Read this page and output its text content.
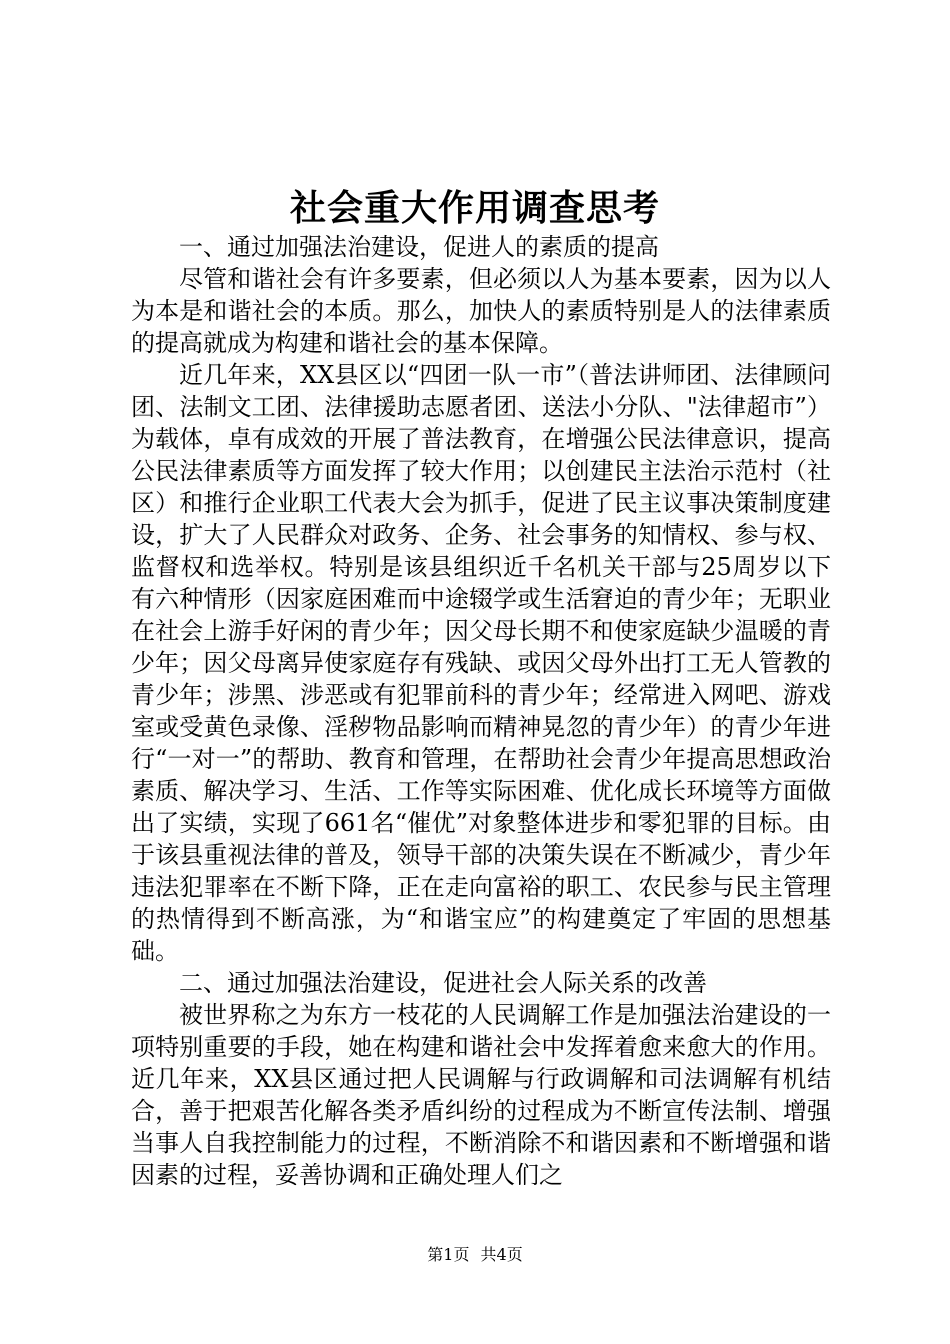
社会重大作用调查思考

一、通过加强法治建设，促进人的素质的提高

尽管和谐社会有许多要素，但必须以人为基本要素，因为以人为本是和谐社会的本质。那么，加快人的素质特别是人的法律素质的提高就成为构建和谐社会的基本保障。

近几年来，XX县区以“四团一队一市”（普法讲师团、法律顾问团、法制文工团、法律援助志愿者团、送法小分队、"法律超市”）为载体，卓有成效的开展了普法教育，在增强公民法律意识，提高公民法律素质等方面发挥了较大作用；以创建民主法治示范村（社区）和推行企业职工代表大会为抓手，促进了民主议事决策制度建设，扩大了人民群众对政务、企务、社会事务的知情权、参与权、监督权和选举权。特别是该县组织近千名机关干部与25周岁以下有六种情形（因家庭困难而中途辍学或生活窘迫的青少年；无职业在社会上游手好闲的青少年；因父母长期不和使家庭缺少温暖的青少年；因父母离异使家庭存有残缺、或因父母外出打工无人管教的青少年；涉黑、涉恶或有犯罪前科的青少年；经常进入网吧、游戏室或受黄色录像、淫秽物品影响而精神晃忽的青少年）的青少年进行“一对一”的帮助、教育和管理，在帮助社会青少年提高思想政治素质、解决学习、生活、工作等实际困难、优化成长环境等方面做出了实绩，实现了661名“催优”对象整体进步和零犯罪的目标。由于该县重视法律的普及，领导干部的决策失误在不断减少，青少年违法犯罪率在不断下降，正在走向富裕的职工、农民参与民主管理的热情得到不断高涨，为“和谐宝应”的构建奠定了牢固的思想基础。

二、通过加强法治建设，促进社会人际关系的改善

被世界称之为东方一枝花的人民调解工作是加强法治建设的一项特别重要的手段，她在构建和谐社会中发挥着愈来愈大的作用。近几年来，XX县区通过把人民调解与行政调解和司法调解有机结合，善于把艰苦化解各类矛盾纠纷的过程成为不断宣传法制、增强当事人自我控制能力的过程，不断消除不和谐因素和不断增强和谐因素的过程，妥善协调和正确处理人们之

第1页 共4页
